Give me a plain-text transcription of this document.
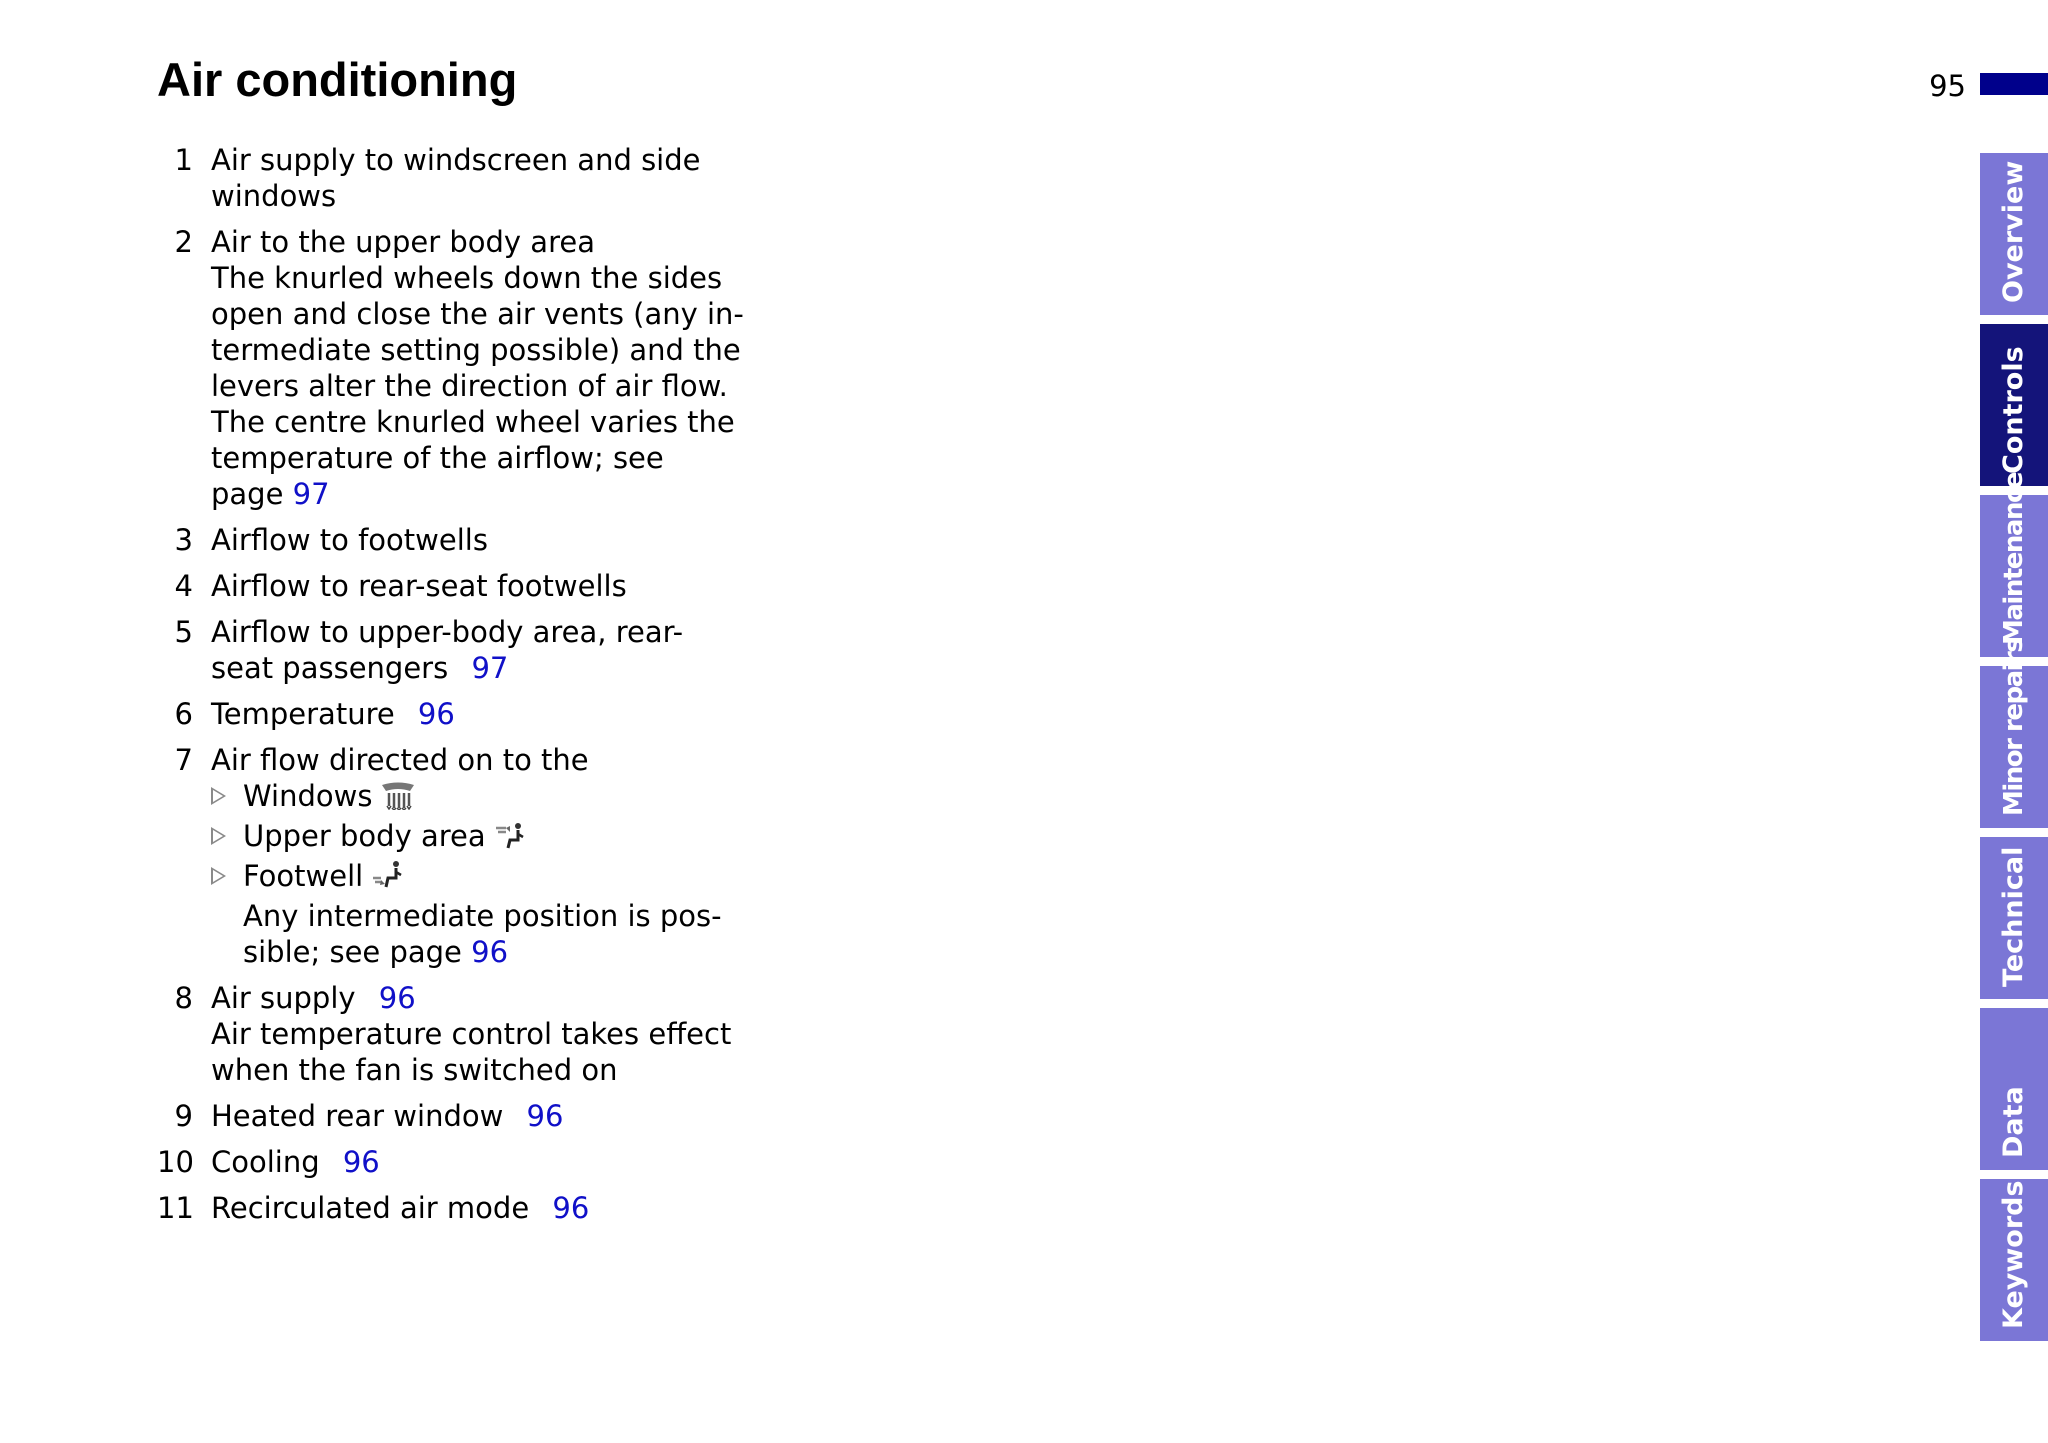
Air conditioning	95
1 Air supply to windscreen and side
windows
2 Air to the upper body area
The knurled wheels down the sides
open and close the air vents (any in-
termediate setting possible) and the
levers alter the direction of air flow.
The centre knurled wheel varies the
temperature of the airflow; see
page 97
3 Airflow to footwells
4 Airflow to rear-seat footwells
5 Airflow to upper-body area, rear-
seat passengers 97
6 Temperature 96
7 Air flow directed on to the
Windows
Upper body area
Footwell
Any intermediate position is pos-
sible; see page 96
8 Air supply 96
Air temperature control takes effect
when the fan is switched on
9 Heated rear window 96
10 Cooling 96
11 Recirculated air mode 96
Overview
Controls
Maintenance
Minor repairs
Technical
Data
Keywords
